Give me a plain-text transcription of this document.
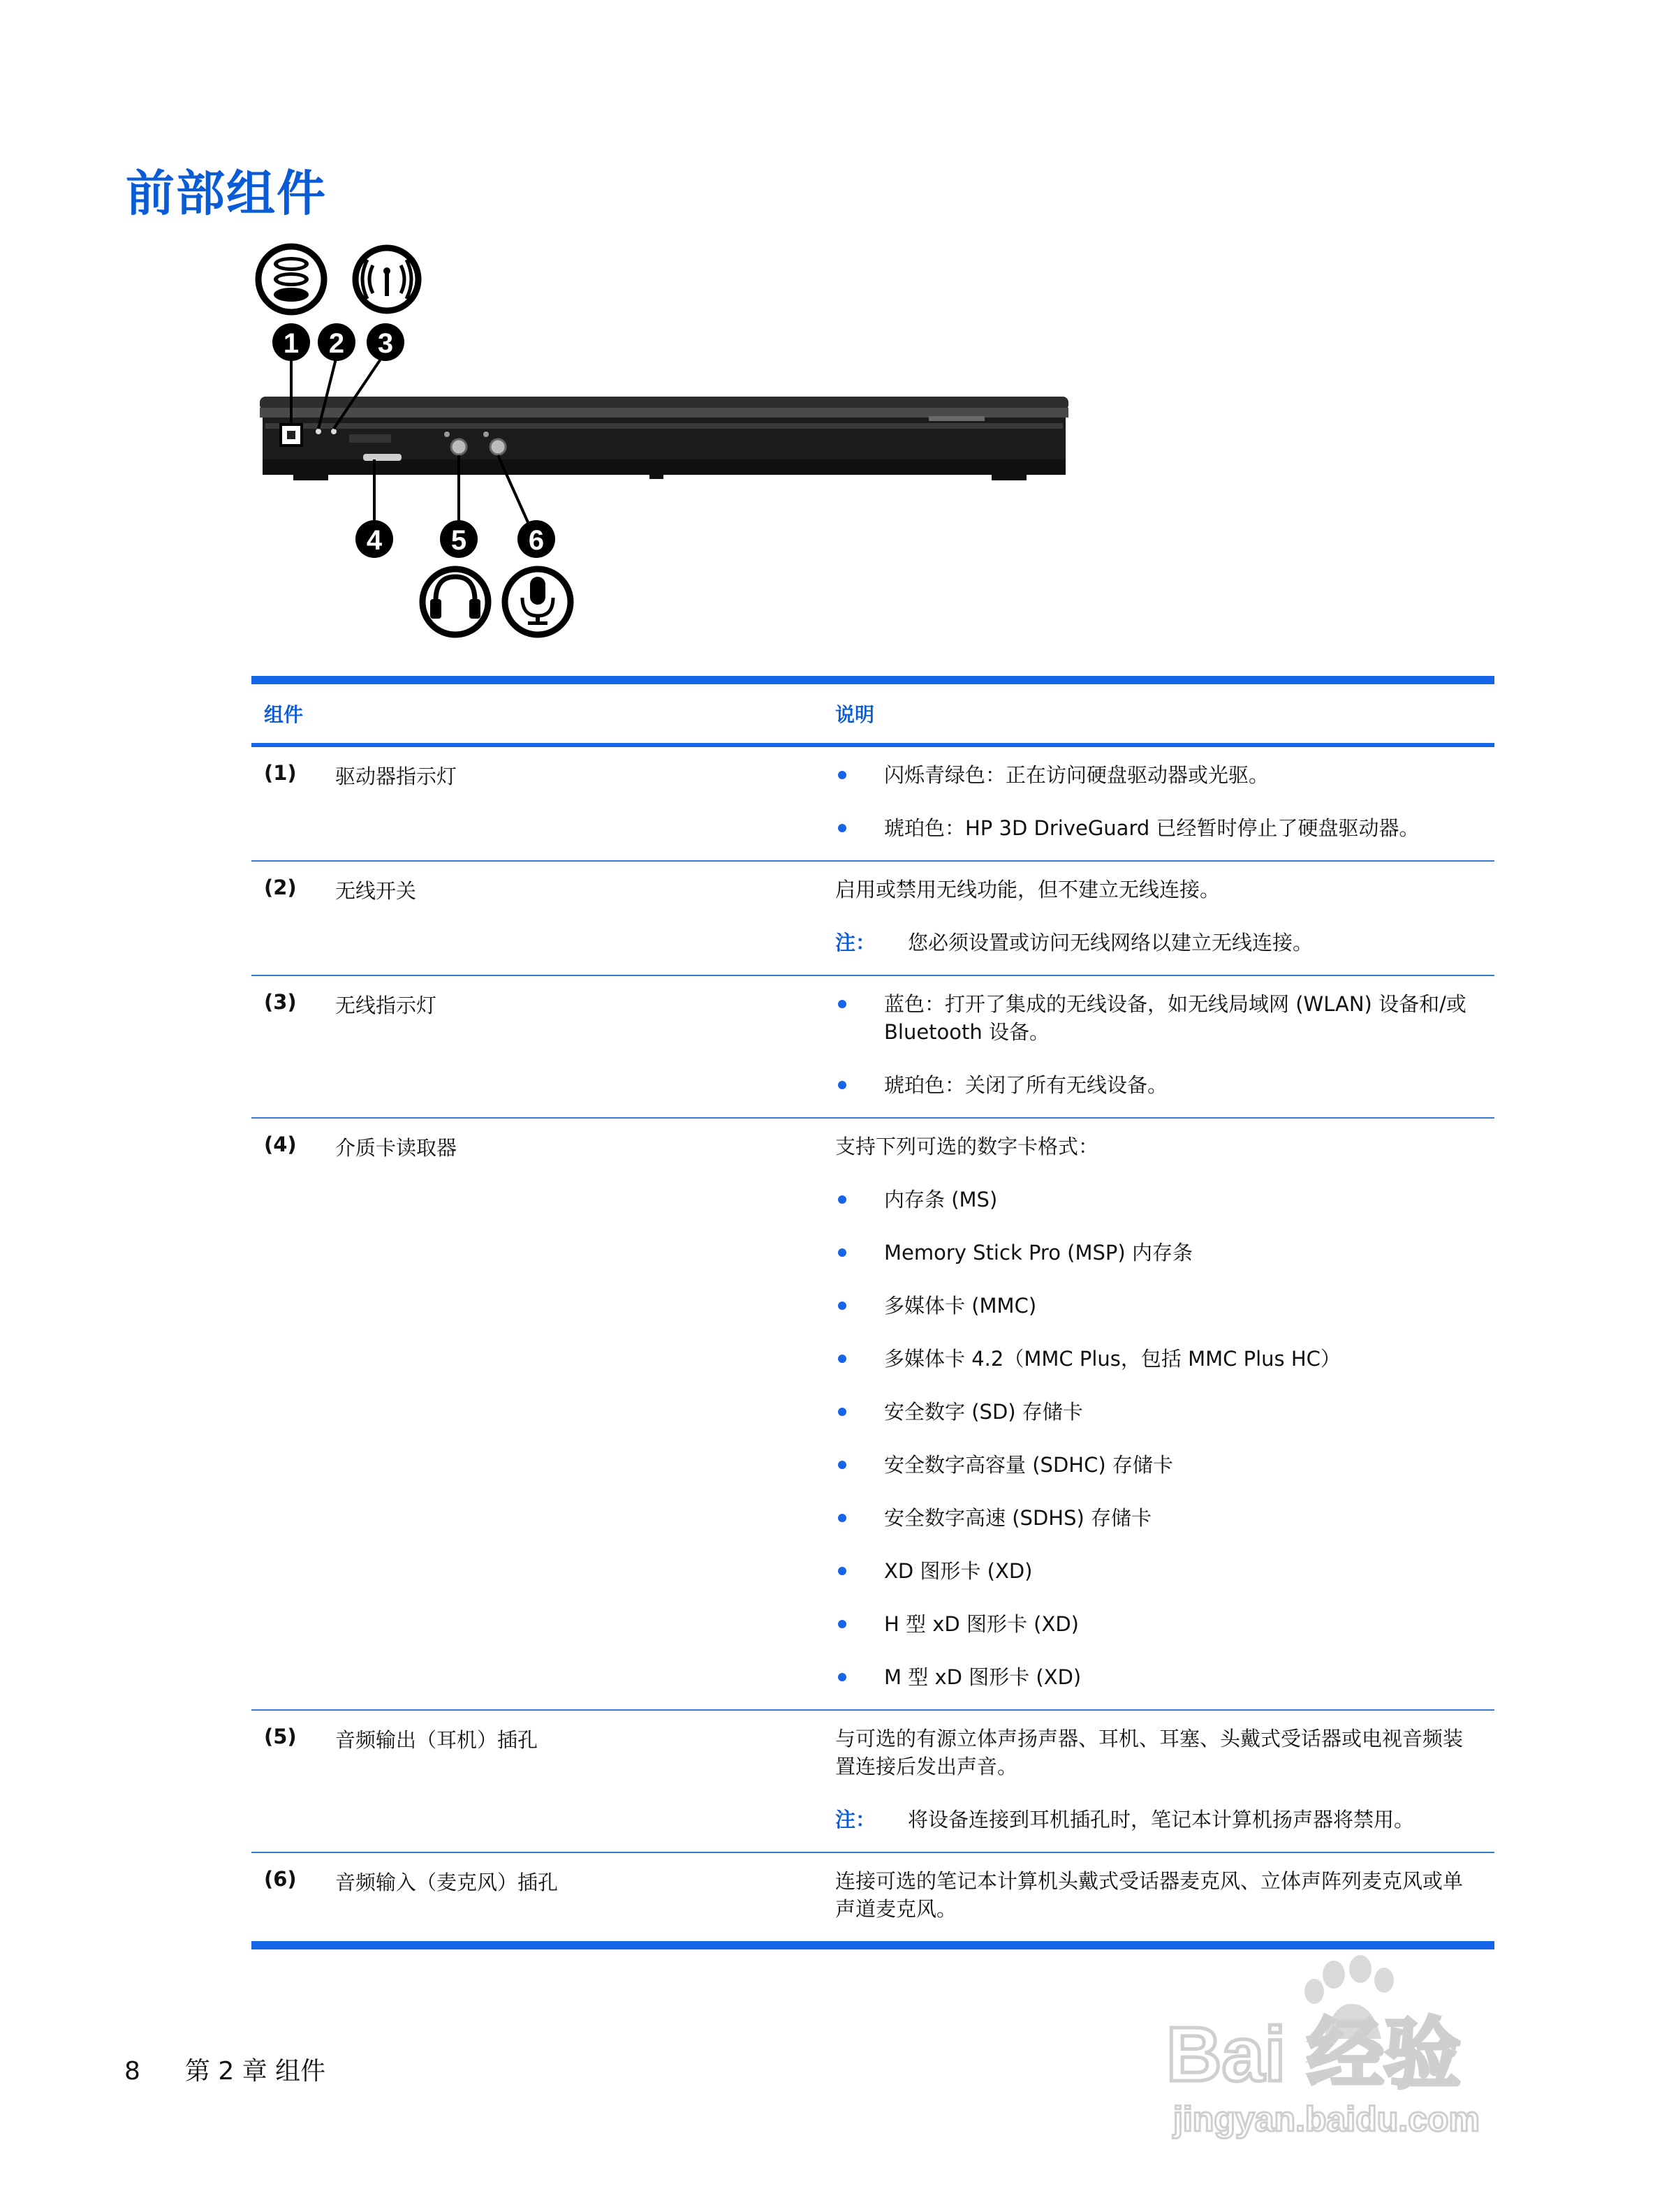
前部组件
1 2 3
4 5 6
组件	说明
(1)	驱动器指示灯	闪烁青绿色：正在访问硬盘驱动器或光驱。
琥珀色：HP 3D DriveGuard 已经暂时停止了硬盘驱动器。
(2)	无线开关	启用或禁用无线功能，但不建立无线连接。
注： 您必须设置或访问无线网络以建立无线连接。
(3)	无线指示灯	蓝色：打开了集成的无线设备，如无线局域网 (WLAN) 设备和/或 Bluetooth 设备。
琥珀色：关闭了所有无线设备。
(4)	介质卡读取器	支持下列可选的数字卡格式：
内存条 (MS)
Memory Stick Pro (MSP) 内存条
多媒体卡 (MMC)
多媒体卡 4.2（MMC Plus，包括 MMC Plus HC）
安全数字 (SD) 存储卡
安全数字高容量 (SDHC) 存储卡
安全数字高速 (SDHS) 存储卡
XD 图形卡 (XD)
H 型 xD 图形卡 (XD)
M 型 xD 图形卡 (XD)
(5)	音频输出（耳机）插孔	与可选的有源立体声扬声器、耳机、耳塞、头戴式受话器或电视音频装置连接后发出声音。
注： 将设备连接到耳机插孔时，笔记本计算机扬声器将禁用。
(6)	音频输入（麦克风）插孔	连接可选的笔记本计算机头戴式受话器麦克风、立体声阵列麦克风或单声道麦克风。
8 第 2 章 组件	Bai 经验
jingyan.baidu.com
